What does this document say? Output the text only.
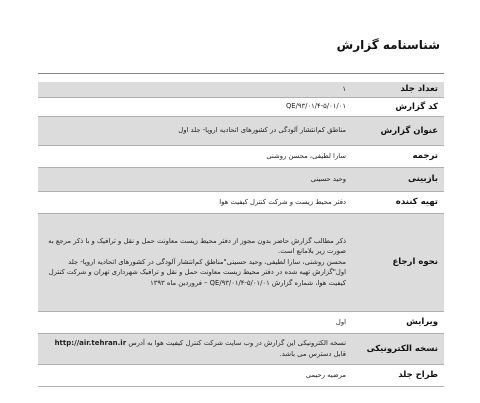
شناسنامه گزارش
تعداد جلد	۱
کد گزارش	QE/۹۳/۰۱/۴-۵/۰۱/۰۱
عنوان گزارش	مناطق کم‌انتشار آلودگی در کشورهای اتحادیه اروپا- جلد اول
ترجمه	سارا لطیفی، محسن روشنی
بازبینی	وحید حسینی
تهیه کننده	دفتر محیط زیست و شرکت کنترل کیفیت هوا
نحوه ارجاع	ذکر مطالب گزارش حاضر بدون مجوز از دفتر محیط زیست معاونت حمل و نقل و ترافیک و با ذکر مرجع به صورت زیر بلامانع است.
محسن روشنی، سارا لطیفی، وحید حسینی"مناطق کم‌انتشار آلودگی در کشورهای اتحادیه اروپا- جلد اول"گزارش تهیه شده در دفتر محیط زیست معاونت حمل و نقل و ترافیک شهرداری تهران و شرکت کنترل کیفیت هوا، شماره گزارش QE/۹۳/۰۱/۴-۵/۰۱/۰۱ – فروردین ماه ۱۳۹۳

ویرایش	اول
نسخه الکترونیکی	نسخه الکترونیکی این گزارش در وب سایت شرکت کنترل کیفیت هوا به آدرس http://air.tehran.ir قابل دسترس می باشد.
طراح جلد	مرضیه رحیمی
